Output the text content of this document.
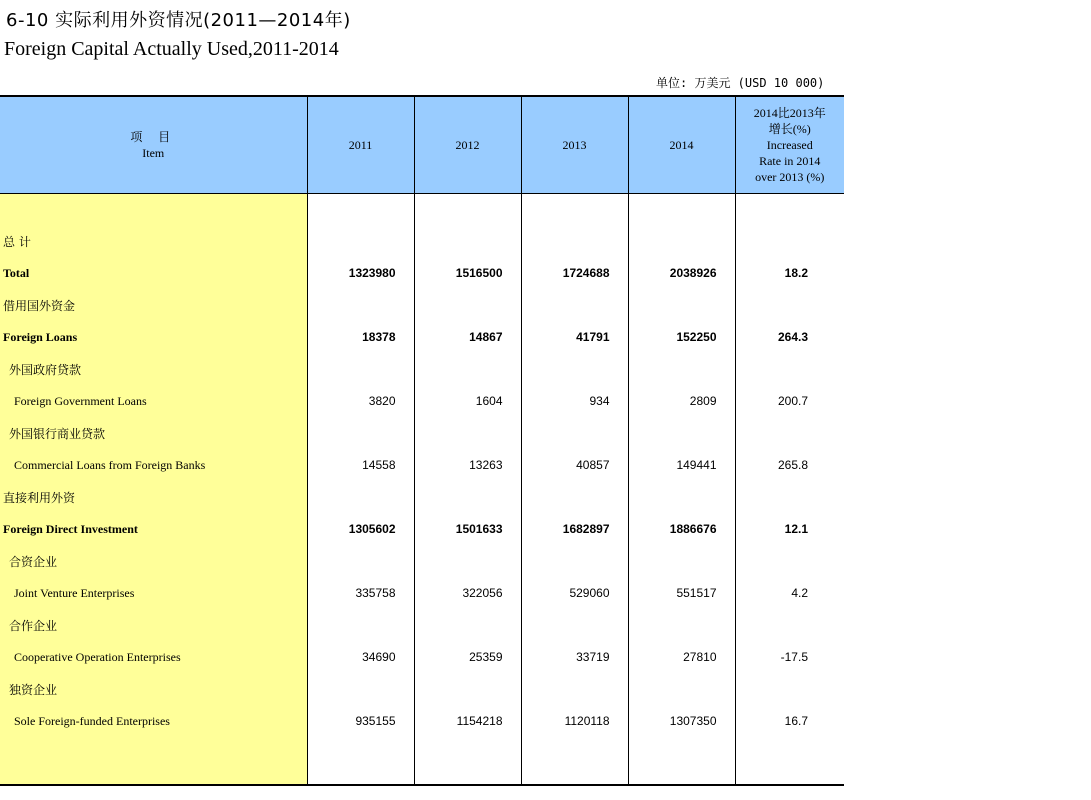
6-10 实际利用外资情况(2011—2014年)
Foreign Capital Actually Used,2011-2014
单位: 万美元 (USD 10 000)
项 目
Item	2011	2012	2013	2014	2014比2013年
增长(%)
Increased
Rate in 2014
over 2013 (%)

总 计					
Total	1323980	1516500	1724688	2038926	18.2
借用国外资金					
Foreign Loans	18378	14867	41791	152250	264.3
外国政府贷款					
Foreign Government Loans	3820	1604	934	2809	200.7
外国银行商业贷款					
Commercial Loans from Foreign Banks	14558	13263	40857	149441	265.8
直接利用外资					
Foreign Direct Investment	1305602	1501633	1682897	1886676	12.1
合资企业					
Joint Venture Enterprises	335758	322056	529060	551517	4.2
合作企业					
Cooperative Operation Enterprises	34690	25359	33719	27810	-17.5
独资企业					
Sole Foreign-funded Enterprises	935155	1154218	1120118	1307350	16.7
